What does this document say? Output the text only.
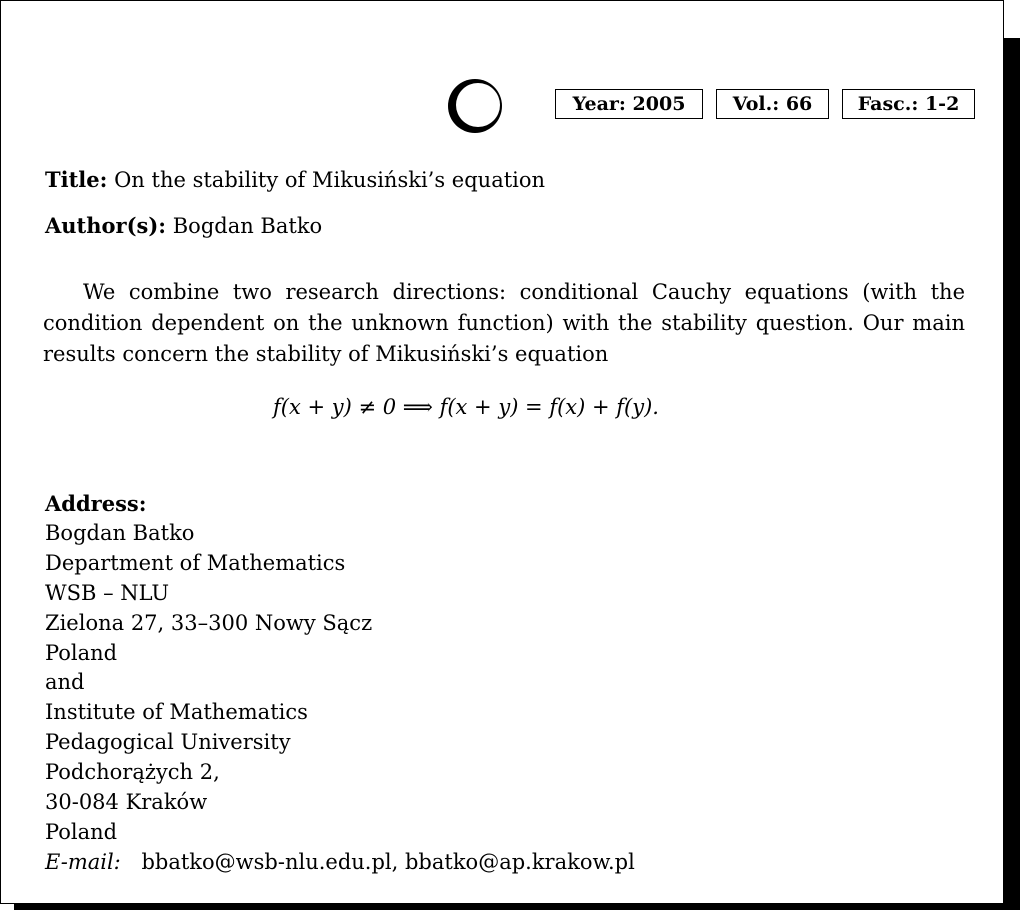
Year: 2005	Vol.: 66	Fasc.: 1-2
Title: On the stability of Mikusiński’s equation
Author(s): Bogdan Batko

We combine two research directions: conditional Cauchy equations (with the condition dependent on the unknown function) with the stability question. Our main results concern the stability of Mikusiński’s equation

f(x + y) ≠ 0 ⟹ f(x + y) = f(x) + f(y).
Address:
Bogdan Batko
Department of Mathematics
WSB – NLU
Zielona 27, 33–300 Nowy Sącz
Poland
and
Institute of Mathematics
Pedagogical University
Podchorążych 2,
30-084 Kraków
Poland
E-mail: bbatko@wsb-nlu.edu.pl, bbatko@ap.krakow.pl
